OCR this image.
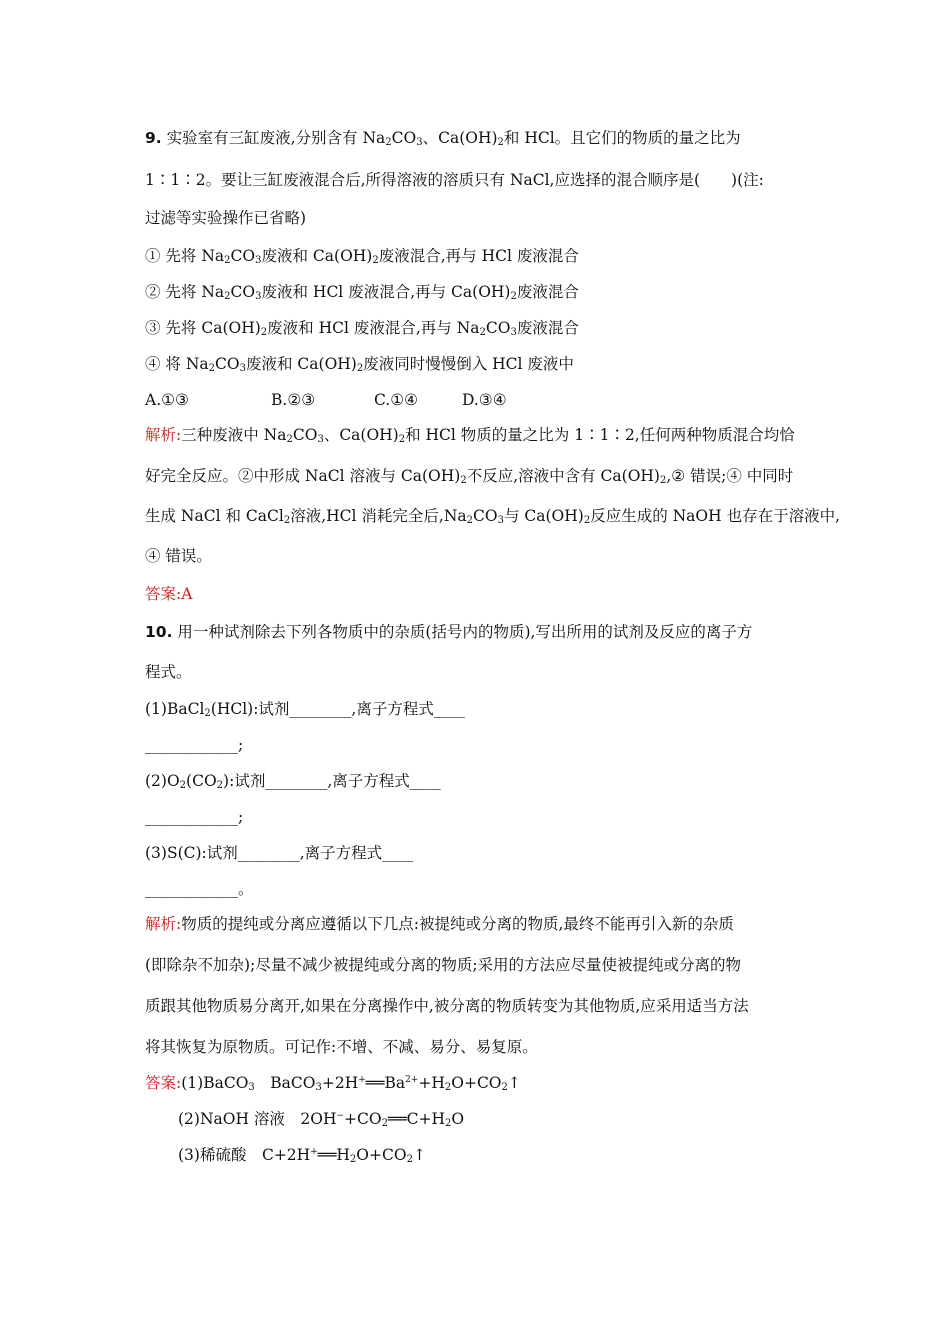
9. 实验室有三缸废液,分别含有 $Na_2CO_3$、$Ca(OH)_2$和 HCl。且它们的物质的量之比为
1∶1∶2。要让三缸废液混合后,所得溶液的溶质只有 NaCl,应选择的混合顺序是(　　)(注:
过滤等实验操作已省略)
① 先将 $Na_2CO_3$废液和 $Ca(OH)_2$废液混合,再与 HCl 废液混合
② 先将 $Na_2CO_3$废液和 HCl 废液混合,再与 $Ca(OH)_2$废液混合
③ 先将 $Ca(OH)_2$废液和 HCl 废液混合,再与 $Na_2CO_3$废液混合
④ 将 $Na_2CO_3$废液和 $Ca(OH)_2$废液同时慢慢倒入 HCl 废液中
A.①③	B.②③	C.①④	D.③④
解析:三种废液中 $Na_2CO_3$、$Ca(OH)_2$和 HCl 物质的量之比为 1∶1∶2,任何两种物质混合均恰
好完全反应。②中形成 NaCl 溶液与 $Ca(OH)_2$不反应,溶液中含有 $Ca(OH)_2,②$ 错误;④ 中同时
生成 NaCl 和 CaCl$_2$溶液,HCl 消耗完全后$,Na_2CO_3$与 $Ca(OH)_2$反应生成的 NaOH 也存在于溶液中,
④ 错误。
答案:A
10. 用一种试剂除去下列各物质中的杂质(括号内的物质),写出所用的试剂及反应的离子方
程式。
(1)BaCl$_2$(HCl):试剂________,离子方程式____
____________;
$(2)O_2(CO_2)$:试剂________,离子方程式____
____________;
(3)S(C):试剂________,离子方程式____
____________。
解析:物质的提纯或分离应遵循以下几点:被提纯或分离的物质,最终不能再引入新的杂质
(即除杂不加杂);尽量不减少被提纯或分离的物质;采用的方法应尽量使被提纯或分离的物
质跟其他物质易分离开,如果在分离操作中,被分离的物质转变为其他物质,应采用适当方法
将其恢复为原物质。可记作:不增、不减、易分、易复原。
答案:(1)BaCO$_3$　$BaCO_3+2H^+══Ba^{2+}+H_2O+CO_2↑$
(2)NaOH 溶液　$2OH^-+CO_2══C+H_2O$
(3)稀硫酸　$C+2H^+══H_2O+CO_2↑$
